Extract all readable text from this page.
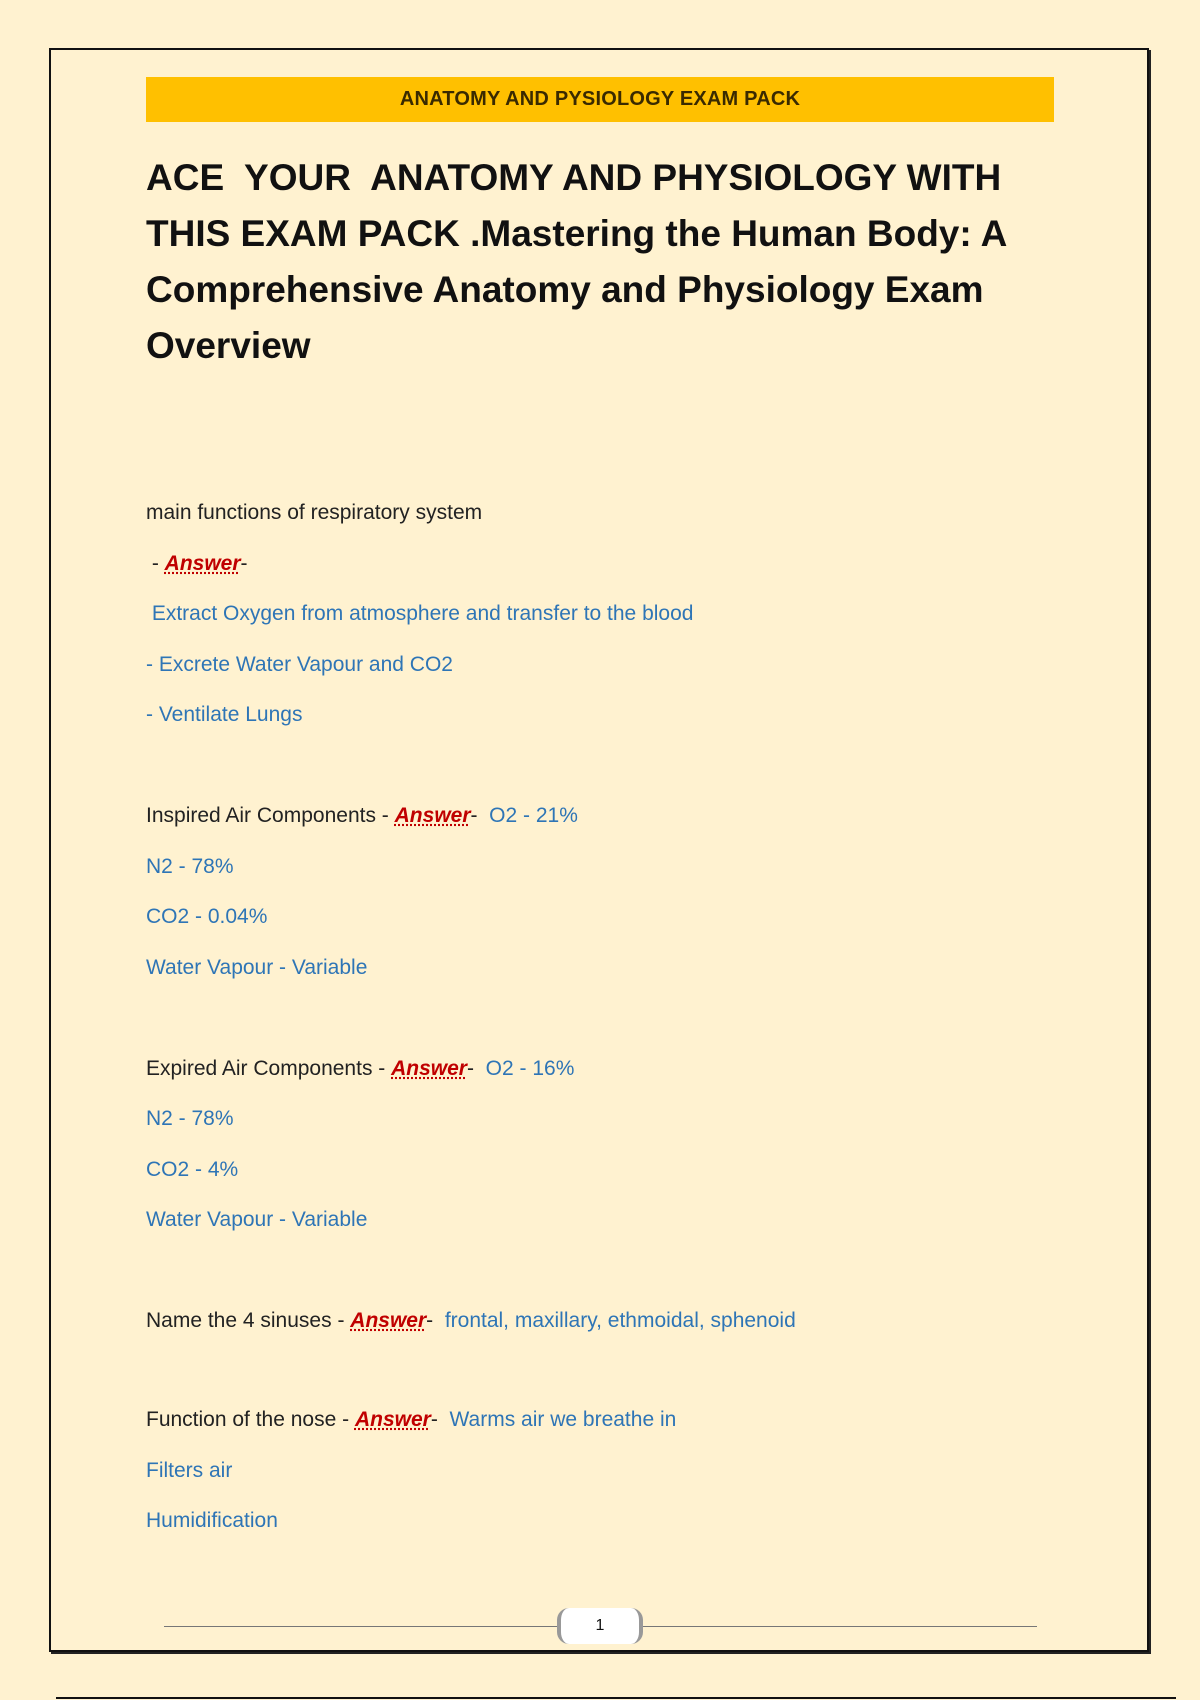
ANATOMY AND PYSIOLOGY EXAM PACK
ACE  YOUR  ANATOMY AND PHYSIOLOGY WITH THIS EXAM PACK .Mastering the Human Body: A Comprehensive Anatomy and Physiology Exam Overview
main functions of respiratory system
- Answer-
Extract Oxygen from atmosphere and transfer to the blood
- Excrete Water Vapour and CO2
- Ventilate Lungs
Inspired Air Components - Answer-  O2 - 21%
N2 - 78%
CO2 - 0.04%
Water Vapour - Variable
Expired Air Components - Answer-  O2 - 16%
N2 - 78%
CO2 - 4%
Water Vapour - Variable
Name the 4 sinuses - Answer-  frontal, maxillary, ethmoidal, sphenoid
Function of the nose - Answer-  Warms air we breathe in
Filters air
Humidification
1
